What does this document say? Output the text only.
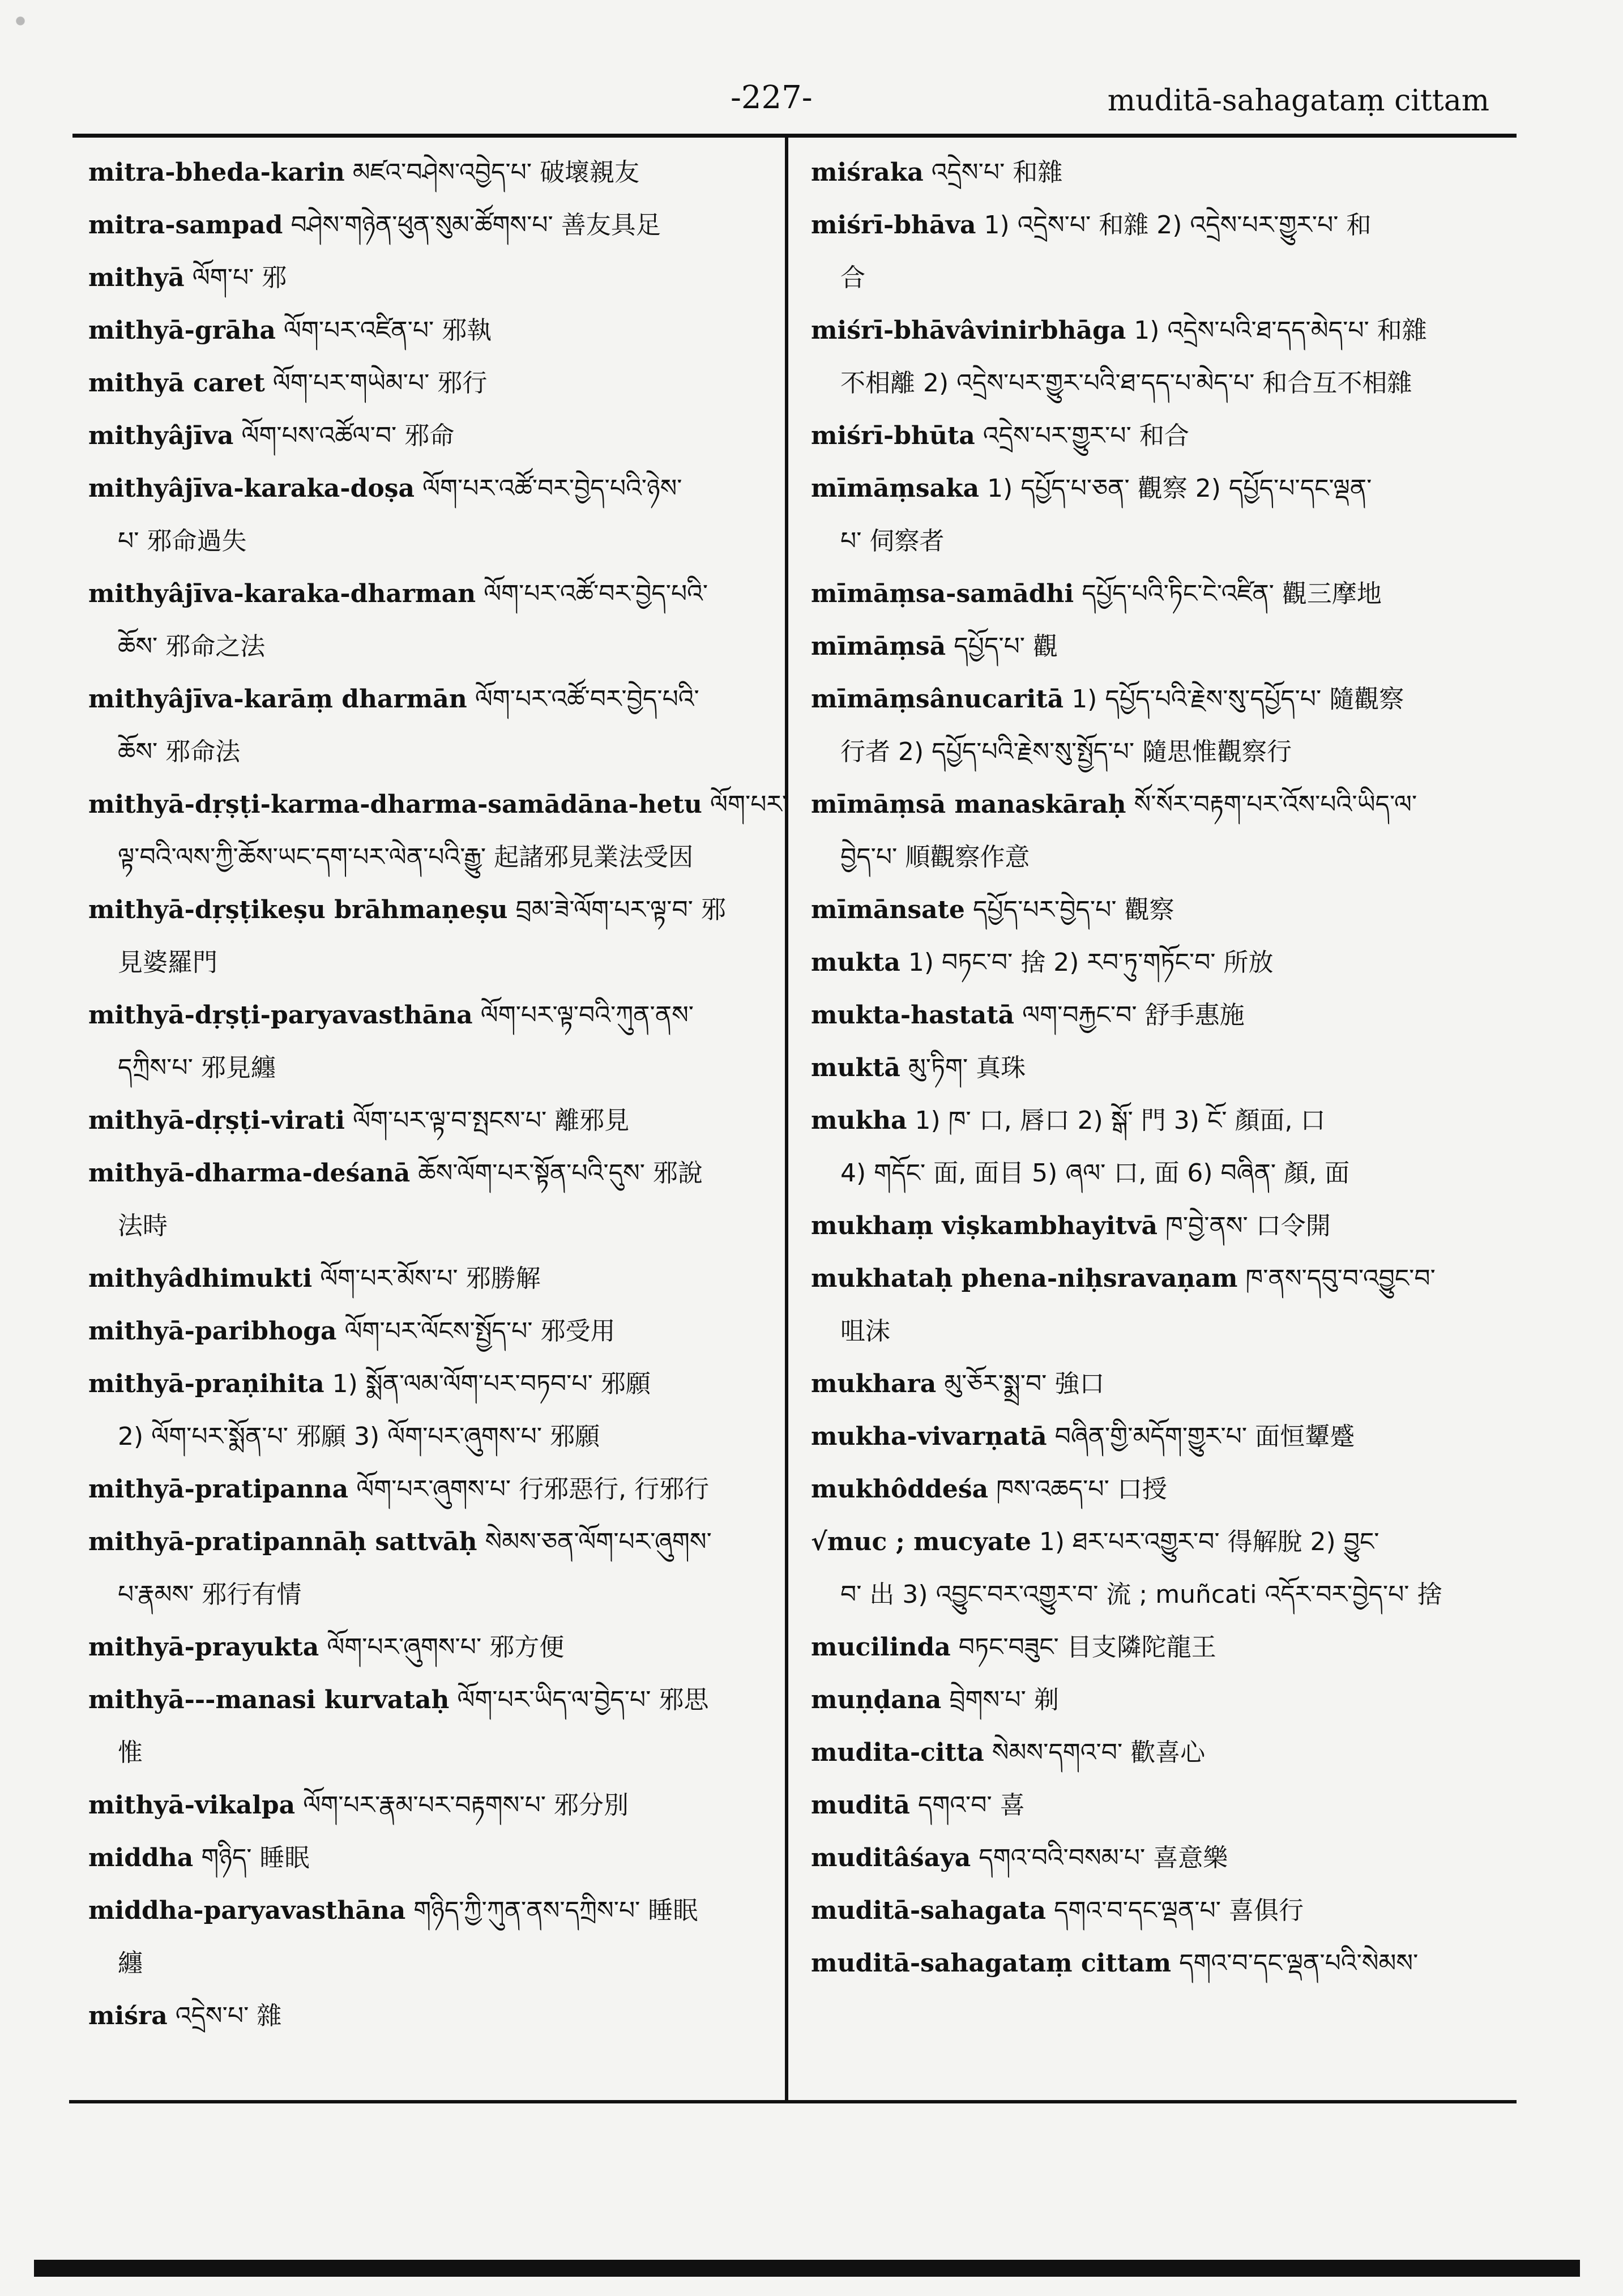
-227-	muditā-sahagataṃ cittam

mitra-bheda-karin མཛའ་བཤེས་འབྱེད་པ་ 破壞親友

mitra-sampad བཤེས་གཉེན་ཕུན་སུམ་ཚོགས་པ་ 善友具足

mithyā ལོག་པ་ 邪

mithyā-grāha ལོག་པར་འཛིན་པ་ 邪執

mithyā caret ལོག་པར་གཡེམ་པ་ 邪行

mithyâjīva ལོག་པས་འཚོལ་བ་ 邪命

mithyâjīva-karaka-doṣa ལོག་པར་འཚོ་བར་བྱེད་པའི་ཉེས་
པ་ 邪命過失

mithyâjīva-karaka-dharman ལོག་པར་འཚོ་བར་བྱེད་པའི་
ཆོས་ 邪命之法

mithyâjīva-karāṃ dharmān ལོག་པར་འཚོ་བར་བྱེད་པའི་
ཆོས་ 邪命法

mithyā-dṛṣṭi-karma-dharma-samādāna-hetu ལོག་པར་
ལྟ་བའི་ལས་ཀྱི་ཆོས་ཡང་དག་པར་ལེན་པའི་རྒྱུ་ 起諸邪見業法受因

mithyā-dṛṣṭikeṣu brāhmaṇeṣu བྲམ་ཟེ་ལོག་པར་ལྟ་བ་ 邪
見婆羅門

mithyā-dṛṣṭi-paryavasthāna ལོག་པར་ལྟ་བའི་ཀུན་ནས་
དཀྲིས་པ་ 邪見纏

mithyā-dṛṣṭi-virati ལོག་པར་ལྟ་བ་སྤངས་པ་ 離邪見

mithyā-dharma-deśanā ཆོས་ལོག་པར་སྟོན་པའི་དུས་ 邪說
法時

mithyâdhimukti ལོག་པར་མོས་པ་ 邪勝解

mithyā-paribhoga ལོག་པར་ལོངས་སྤྱོད་པ་ 邪受用

mithyā-praṇihita 1) སྨོན་ལམ་ལོག་པར་བཏབ་པ་ 邪願
2) ལོག་པར་སྨོན་པ་ 邪願 3) ལོག་པར་ཞུགས་པ་ 邪願

mithyā-pratipanna ལོག་པར་ཞུགས་པ་ 行邪惡行, 行邪行

mithyā-pratipannāḥ sattvāḥ སེམས་ཅན་ལོག་པར་ཞུགས་
པ་རྣམས་ 邪行有情

mithyā-prayukta ལོག་པར་ཞུགས་པ་ 邪方便

mithyā---manasi kurvataḥ ལོག་པར་ཡིད་ལ་བྱེད་པ་ 邪思
惟

mithyā-vikalpa ལོག་པར་རྣམ་པར་བརྟགས་པ་ 邪分別

middha གཉིད་ 睡眠

middha-paryavasthāna གཉིད་ཀྱི་ཀུན་ནས་དཀྲིས་པ་ 睡眠
纏

miśra འདྲེས་པ་ 雜

miśraka འདྲེས་པ་ 和雜

miśrī-bhāva 1) འདྲེས་པ་ 和雜 2) འདྲེས་པར་གྱུར་པ་ 和
合

miśrī-bhāvâvinirbhāga 1) འདྲེས་པའི་ཐ་དད་མེད་པ་ 和雜
不相離 2) འདྲེས་པར་གྱུར་པའི་ཐ་དད་པ་མེད་པ་ 和合互不相雜

miśrī-bhūta འདྲེས་པར་གྱུར་པ་ 和合

mīmāṃsaka 1) དཔྱོད་པ་ཅན་ 觀察 2) དཔྱོད་པ་དང་ལྡན་
པ་ 伺察者

mīmāṃsa-samādhi དཔྱོད་པའི་ཏིང་ངེ་འཛིན་ 觀三摩地

mīmāṃsā དཔྱོད་པ་ 觀

mīmāṃsânucaritā 1) དཔྱོད་པའི་རྗེས་སུ་དཔྱོད་པ་ 隨觀察
行者 2) དཔྱོད་པའི་རྗེས་སུ་སྤྱོད་པ་ 隨思惟觀察行

mīmāṃsā manaskāraḥ སོ་སོར་བརྟག་པར་འོས་པའི་ཡིད་ལ་
བྱེད་པ་ 順觀察作意

mīmānsate དཔྱོད་པར་བྱེད་པ་ 觀察

mukta 1) བཏང་བ་ 捨 2) རབ་ཏུ་གཏོང་བ་ 所放

mukta-hastatā ལག་བརྐྱང་བ་ 舒手惠施

muktā མུ་ཏིག་ 真珠

mukha 1) ཁ་ 口, 唇口 2) སྒོ་ 門 3) ངོ་ 顏面, 口
4) གདོང་ 面, 面目 5) ཞལ་ 口, 面 6) བཞིན་ 顏, 面

mukhaṃ viṣkambhayitvā ཁ་བྱེ་ནས་ 口令開

mukhataḥ phena-niḥsravaṇam ཁ་ནས་དབུ་བ་འབྱུང་བ་
咀沫

mukhara མུ་ཅོར་སྨྲ་བ་ 強口

mukha-vivarṇatā བཞིན་གྱི་མདོག་གྱུར་པ་ 面恒顰蹙

mukhôddeśa ཁས་འཆད་པ་ 口授

√muc ; mucyate 1) ཐར་པར་འགྱུར་བ་ 得解脫 2) བྱུང་
བ་ 出 3) འབྱུང་བར་འགྱུར་བ་ 流 ; muñcati འདོར་བར་བྱེད་པ་ 捨

mucilinda བཏང་བཟུང་ 目支隣陀龍王

muṇḍana བྲེགས་པ་ 剃

mudita-citta སེམས་དགའ་བ་ 歡喜心

muditā དགའ་བ་ 喜

muditâśaya དགའ་བའི་བསམ་པ་ 喜意樂

muditā-sahagata དགའ་བ་དང་ལྡན་པ་ 喜俱行

muditā-sahagataṃ cittam དགའ་བ་དང་ལྡན་པའི་སེམས་
